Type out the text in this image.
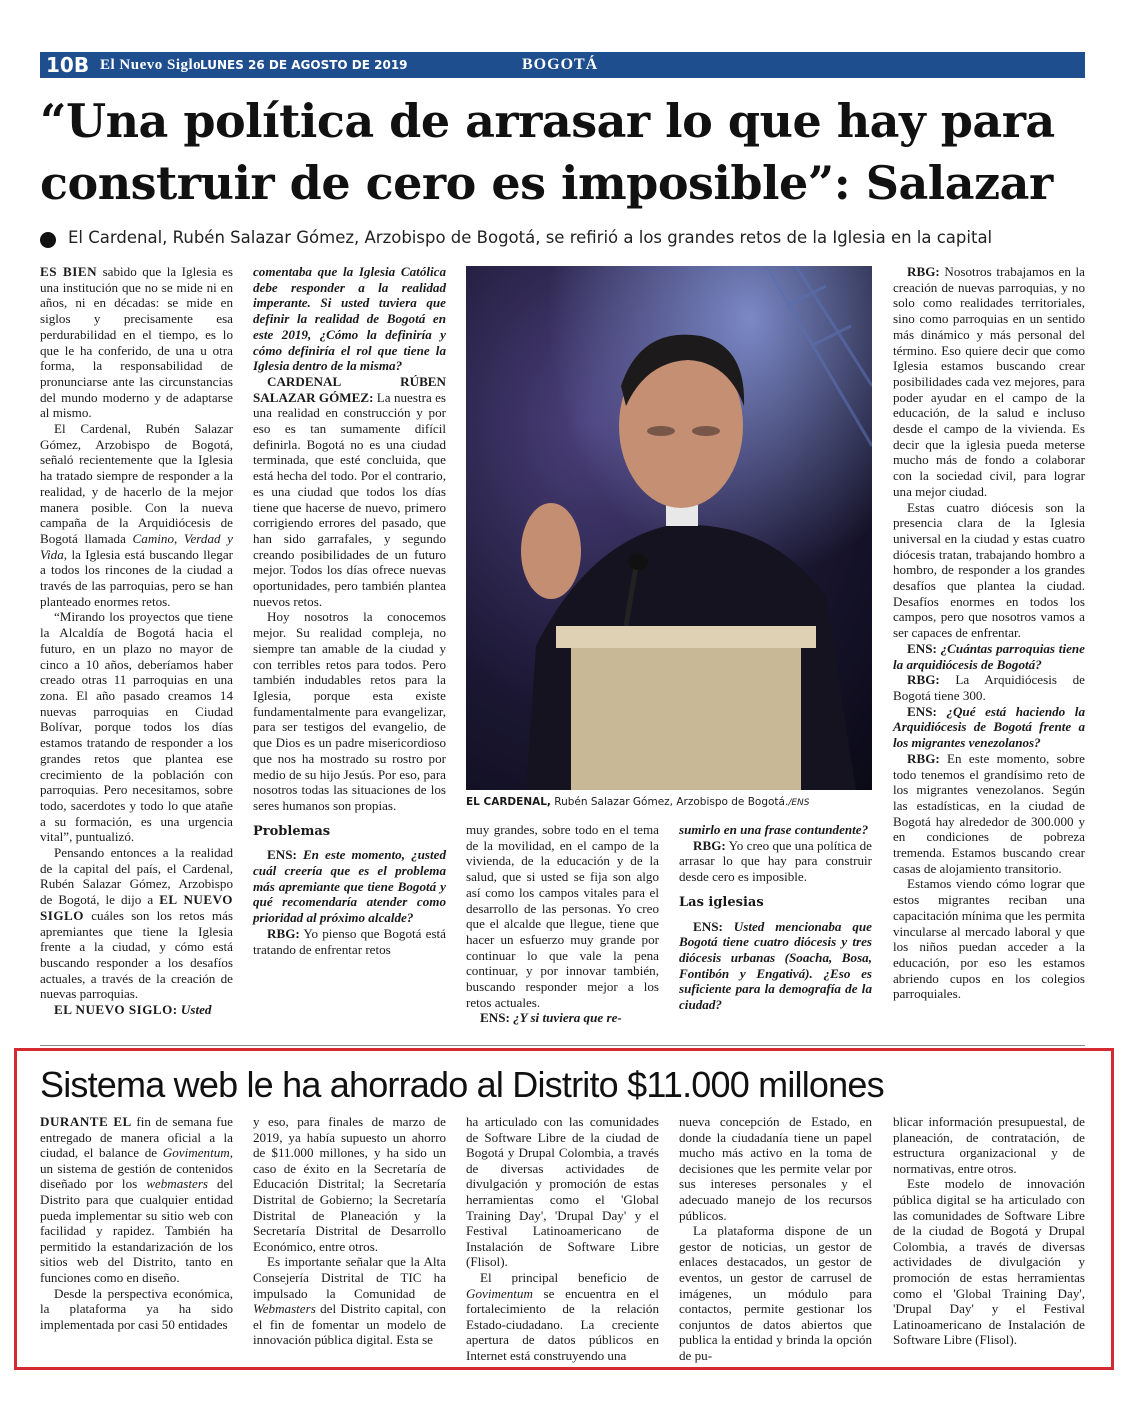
10B El Nuevo Siglo
LUNES 26 DE AGOSTO DE 2019	BOGOTÁ
“Una política de arrasar lo que hay para construir de cero es imposible”: Salazar
El Cardenal, Rubén Salazar Gómez, Arzobispo de Bogotá, se refirió a los grandes retos de la Iglesia en la capital

ES BIEN sabido que la Iglesia es una institución que no se mide ni en años, ni en décadas: se mide en siglos y precisamente esa perdurabilidad en el tiempo, es lo que le ha conferido, de una u otra forma, la responsabilidad de pronunciarse ante las circunstancias del mundo moderno y de adaptarse al mismo.

El Cardenal, Rubén Salazar Gómez, Arzobispo de Bogotá, señaló recientemente que la Iglesia ha tratado siempre de responder a la realidad, y de hacerlo de la mejor manera posible. Con la nueva campaña de la Arquidiócesis de Bogotá llamada Camino, Verdad y Vida, la Iglesia está buscando llegar a todos los rincones de la ciudad a través de las parroquias, pero se han planteado enormes retos.

“Mirando los proyectos que tiene la Alcaldía de Bogotá hacia el futuro, en un plazo no mayor de cinco a 10 años, deberíamos haber creado otras 11 parroquias en una zona. El año pasado creamos 14 nuevas parroquias en Ciudad Bolívar, porque todos los días estamos tratando de responder a los grandes retos que plantea ese crecimiento de la población con parroquias. Pero necesitamos, sobre todo, sacerdotes y todo lo que atañe a su formación, es una urgencia vital”, puntualizó.

Pensando entonces a la realidad de la capital del país, el Cardenal, Rubén Salazar Gómez, Arzobispo de Bogotá, le dijo a EL NUEVO SIGLO cuáles son los retos más apremiantes que tiene la Iglesia frente a la ciudad, y cómo está buscando responder a los desafíos actuales, a través de la creación de nuevas parroquias.

EL NUEVO SIGLO: Usted

comentaba que la Iglesia Católica debe responder a la realidad imperante. Si usted tuviera que definir la realidad de Bogotá en este 2019, ¿Cómo la definiría y cómo definiría el rol que tiene la Iglesia dentro de la misma?

CARDENAL RÚBEN SALAZAR GÓMEZ: La nuestra es una realidad en construcción y por eso es tan sumamente difícil definirla. Bogotá no es una ciudad terminada, que esté concluida, que está hecha del todo. Por el contrario, es una ciudad que todos los días tiene que hacerse de nuevo, primero corrigiendo errores del pasado, que han sido garrafales, y segundo creando posibilidades de un futuro mejor. Todos los días ofrece nuevas oportunidades, pero también plantea nuevos retos.

Hoy nosotros la conocemos mejor. Su realidad compleja, no siempre tan amable de la ciudad y con terribles retos para todos. Pero también indudables retos para la Iglesia, porque esta existe fundamentalmente para evangelizar, para ser testigos del evangelio, de que Dios es un padre misericordioso que nos ha mostrado su rostro por medio de su hijo Jesús. Por eso, para nosotros todas las situaciones de los seres humanos son propias.

Problemas

ENS: En este momento, ¿usted cuál creería que es el problema más apremiante que tiene Bogotá y qué recomendaría atender como prioridad al próximo alcalde?

RBG: Yo pienso que Bogotá está tratando de enfrentar retos

EL CARDENAL, Rubén Salazar Gómez, Arzobispo de Bogotá./ENS

muy grandes, sobre todo en el tema de la movilidad, en el campo de la vivienda, de la educación y de la salud, que si usted se fija son algo así como los campos vitales para el desarrollo de las personas. Yo creo que el alcalde que llegue, tiene que hacer un esfuerzo muy grande por continuar lo que vale la pena continuar, y por innovar también, buscando responder mejor a los retos actuales.

ENS: ¿Y si tuviera que re-

sumirlo en una frase contundente?

RBG: Yo creo que una política de arrasar lo que hay para construir desde cero es imposible.

Las iglesias

ENS: Usted mencionaba que Bogotá tiene cuatro diócesis y tres diócesis urbanas (Soacha, Bosa, Fontibón y Engativá). ¿Eso es suficiente para la demografía de la ciudad?

RBG: Nosotros trabajamos en la creación de nuevas parroquias, y no solo como realidades territoriales, sino como parroquias en un sentido más dinámico y más personal del término. Eso quiere decir que como Iglesia estamos buscando crear posibilidades cada vez mejores, para poder ayudar en el campo de la educación, de la salud e incluso desde el campo de la vivienda. Es decir que la iglesia pueda meterse mucho más de fondo a colaborar con la sociedad civil, para lograr una mejor ciudad.

Estas cuatro diócesis son la presencia clara de la Iglesia universal en la ciudad y estas cuatro diócesis tratan, trabajando hombro a hombro, de responder a los grandes desafíos que plantea la ciudad. Desafíos enormes en todos los campos, pero que nosotros vamos a ser capaces de enfrentar.

ENS: ¿Cuántas parroquias tiene la arquidiócesis de Bogotá?

RBG: La Arquidiócesis de Bogotá tiene 300.

ENS: ¿Qué está haciendo la Arquidiócesis de Bogotá frente a los migrantes venezolanos?

RBG: En este momento, sobre todo tenemos el grandísimo reto de los migrantes venezolanos. Según las estadísticas, en la ciudad de Bogotá hay alrededor de 300.000 y en condiciones de pobreza tremenda. Estamos buscando crear casas de alojamiento transitorio.

Estamos viendo cómo lograr que estos migrantes reciban una capacitación mínima que les permita vincularse al mercado laboral y que los niños puedan acceder a la educación, por eso les estamos abriendo cupos en los colegios parroquiales.

Sistema web le ha ahorrado al Distrito $11.000 millones

DURANTE EL fin de semana fue entregado de manera oficial a la ciudad, el balance de Govimentum, un sistema de gestión de contenidos diseñado por los webmasters del Distrito para que cualquier entidad pueda implementar su sitio web con facilidad y rapidez. También ha permitido la estandarización de los sitios web del Distrito, tanto en funciones como en diseño.

Desde la perspectiva económica, la plataforma ya ha sido implementada por casi 50 entidades

y eso, para finales de marzo de 2019, ya había supuesto un ahorro de $11.000 millones, y ha sido un caso de éxito en la Secretaría de Educación Distrital; la Secretaría Distrital de Gobierno; la Secretaría Distrital de Planeación y la Secretaría Distrital de Desarrollo Económico, entre otros.

Es importante señalar que la Alta Consejería Distrital de TIC ha impulsado la Comunidad de Webmasters del Distrito capital, con el fin de fomentar un modelo de innovación pública digital. Esta se

ha articulado con las comunidades de Software Libre de la ciudad de Bogotá y Drupal Colombia, a través de diversas actividades de divulgación y promoción de estas herramientas como el 'Global Training Day', 'Drupal Day' y el Festival Latinoamericano de Instalación de Software Libre (Flisol).

El principal beneficio de Govimentum se encuentra en el fortalecimiento de la relación Estado-ciudadano. La creciente apertura de datos públicos en Internet está construyendo una

nueva concepción de Estado, en donde la ciudadanía tiene un papel mucho más activo en la toma de decisiones que les permite velar por sus intereses personales y el adecuado manejo de los recursos públicos.

La plataforma dispone de un gestor de noticias, un gestor de enlaces destacados, un gestor de eventos, un gestor de carrusel de imágenes, un módulo para contactos, permite gestionar los conjuntos de datos abiertos que publica la entidad y brinda la opción de pu-

blicar información presupuestal, de planeación, de contratación, de estructura organizacional y de normativas, entre otros.

Este modelo de innovación pública digital se ha articulado con las comunidades de Software Libre de la ciudad de Bogotá y Drupal Colombia, a través de diversas actividades de divulgación y promoción de estas herramientas como el 'Global Training Day', 'Drupal Day' y el Festival Latinoamericano de Instalación de Software Libre (Flisol).
